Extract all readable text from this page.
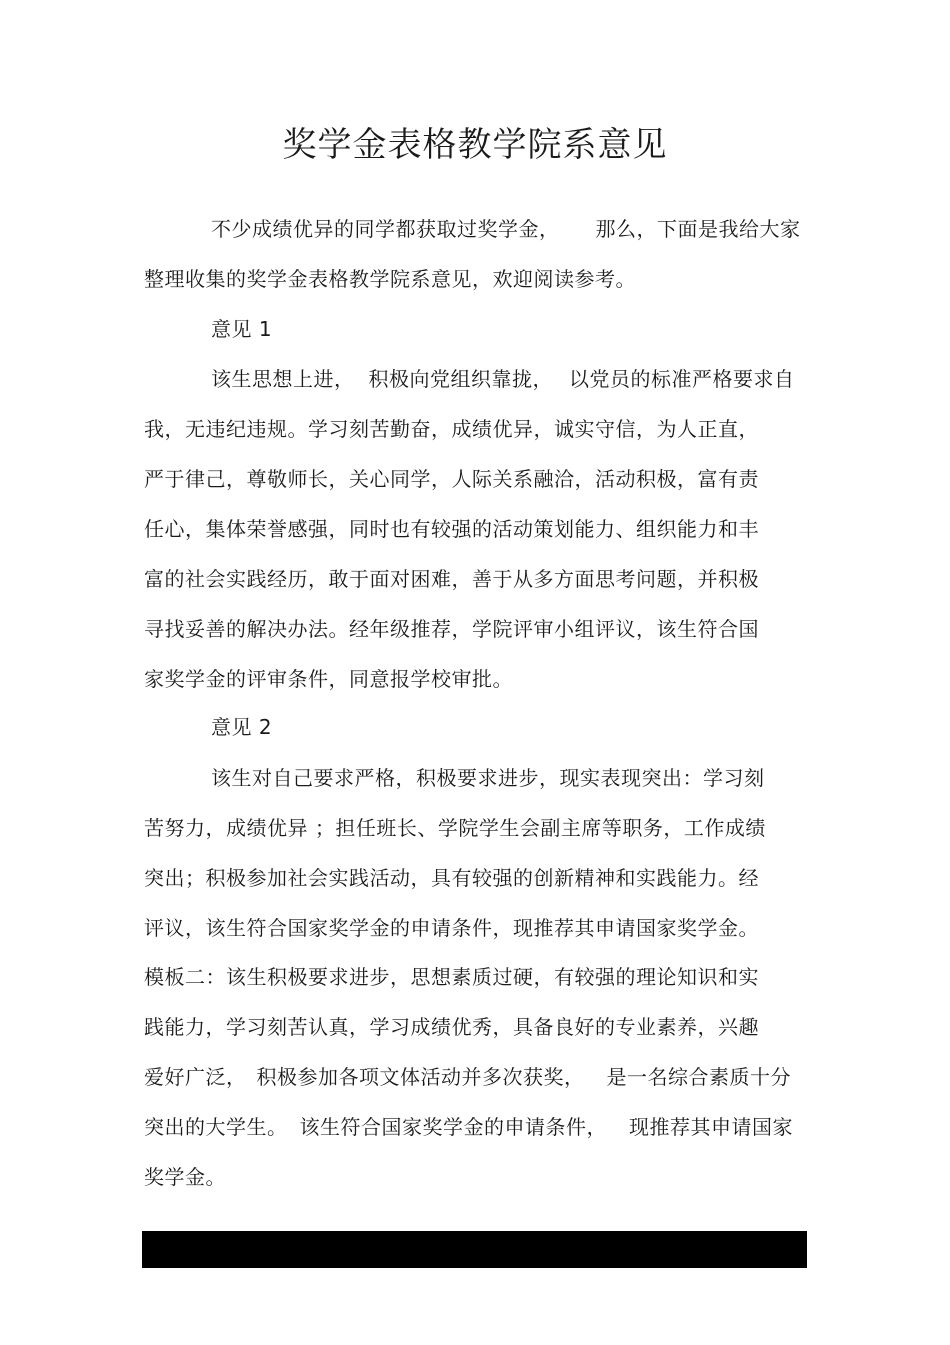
奖学金表格教学院系意见
不少成绩优异的同学都获取过奖学金， 那么，下面是我给大家
整理收集的奖学金表格教学院系意见，欢迎阅读参考。
意见 1
该生思想上进， 积极向党组织靠拢， 以党员的标准严格要求自
我，无违纪违规。学习刻苦勤奋，成绩优异，诚实守信，为人正直，
严于律己，尊敬师长，关心同学，人际关系融洽，活动积极，富有责
任心，集体荣誉感强，同时也有较强的活动策划能力、组织能力和丰
富的社会实践经历，敢于面对困难，善于从多方面思考问题，并积极
寻找妥善的解决办法。经年级推荐，学院评审小组评议，该生符合国
家奖学金的评审条件，同意报学校审批。
意见 2
该生对自己要求严格，积极要求进步，现实表现突出：学习刻
苦努力，成绩优异 ；担任班长、学院学生会副主席等职务，工作成绩
突出；积极参加社会实践活动，具有较强的创新精神和实践能力。经
评议，该生符合国家奖学金的申请条件，现推荐其申请国家奖学金。
模板二：该生积极要求进步，思想素质过硬，有较强的理论知识和实
践能力，学习刻苦认真，学习成绩优秀，具备良好的专业素养，兴趣
爱好广泛， 积极参加各项文体活动并多次获奖， 是一名综合素质十分
突出的大学生。 该生符合国家奖学金的申请条件， 现推荐其申请国家
奖学金。
